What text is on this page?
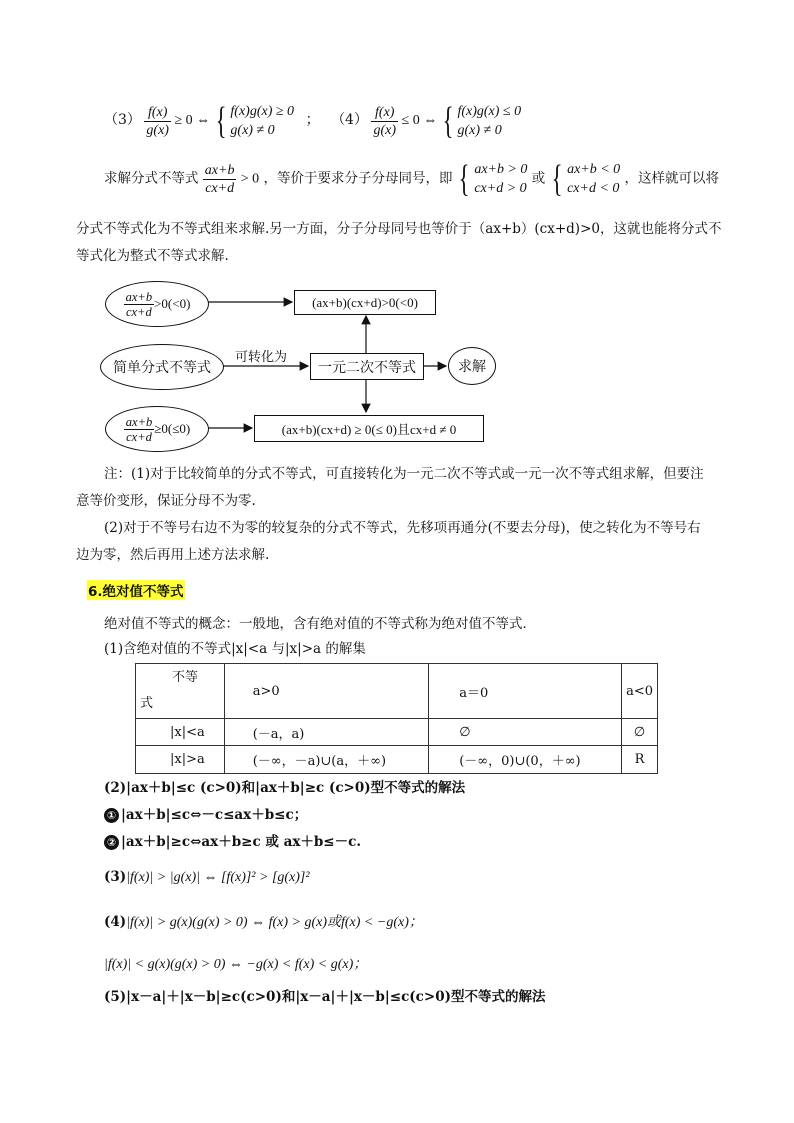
$(3) \frac{f(x)}{g(x)} \ge 0$ ⇔ { f(x)g(x) ≥ 0
g(x) ≠ 0
； $(4) \frac{f(x)}{g(x)} \le 0$ ⇔ { f(x)g(x) ≤ 0
g(x) ≠ 0
求解分式不等式 $\frac{ax+b}{cx+d} > 0$ ，等价于要求分子分母同号，即 { ax+b > 0
cx+d > 0
或 { ax+b < 0
cx+d < 0
，这样就可以将
分式不等式化为不等式组来求解.另一方面，分子分母同号也等价于（ax+b）(cx+d)>0，这就也能将分式不
等式化为整式不等式求解.
$\frac{ax+b}{cx+d} >0(<0)$	(ax+b)(cx+d)>0(<0)
简单分式不等式
可转化为
一元二次不等式	求解
$\frac{ax+b}{cx+d} \ge 0(\le 0)$	(ax+b)(cx+d) ≥ 0(≤ 0)且cx+d ≠ 0
注：(1)对于比较简单的分式不等式，可直接转化为一元二次不等式或一元一次不等式组求解，但要注
意等价变形，保证分母不为零.
(2)对于不等号右边不为零的较复杂的分式不等式，先移项再通分(不要去分母)，使之转化为不等号右
边为零，然后再用上述方法求解.
6.绝对值不等式
绝对值不等式的概念：一般地，含有绝对值的不等式称为绝对值不等式．
(1)含绝对值的不等式|x|<a 与|x|>a 的解集
不等
式	a>0	a＝0	a<0
|x|<a	(－a，a)	∅	∅
|x|>a	(－∞，－a)∪(a，＋∞)	(－∞，0)∪(0，＋∞)	R
(2)|ax＋b|≤c (c>0)和|ax＋b|≥c (c>0)型不等式的解法
① |ax＋b|≤c⇔－c≤ax＋b≤c；
② |ax＋b|≥c⇔ax＋b≥c 或 ax＋b≤－c.
(3)|f(x)| > |g(x)| ⇔ [f(x)]² > [g(x)]²
(4)|f(x)| > g(x)(g(x) > 0) ⇔ f(x) > g(x)或f(x) < −g(x)；
|f(x)| < g(x)(g(x) > 0) ⇔ −g(x) < f(x) < g(x)；
(5)|x－a|＋|x－b|≥c(c>0)和|x－a|＋|x－b|≤c(c>0)型不等式的解法
